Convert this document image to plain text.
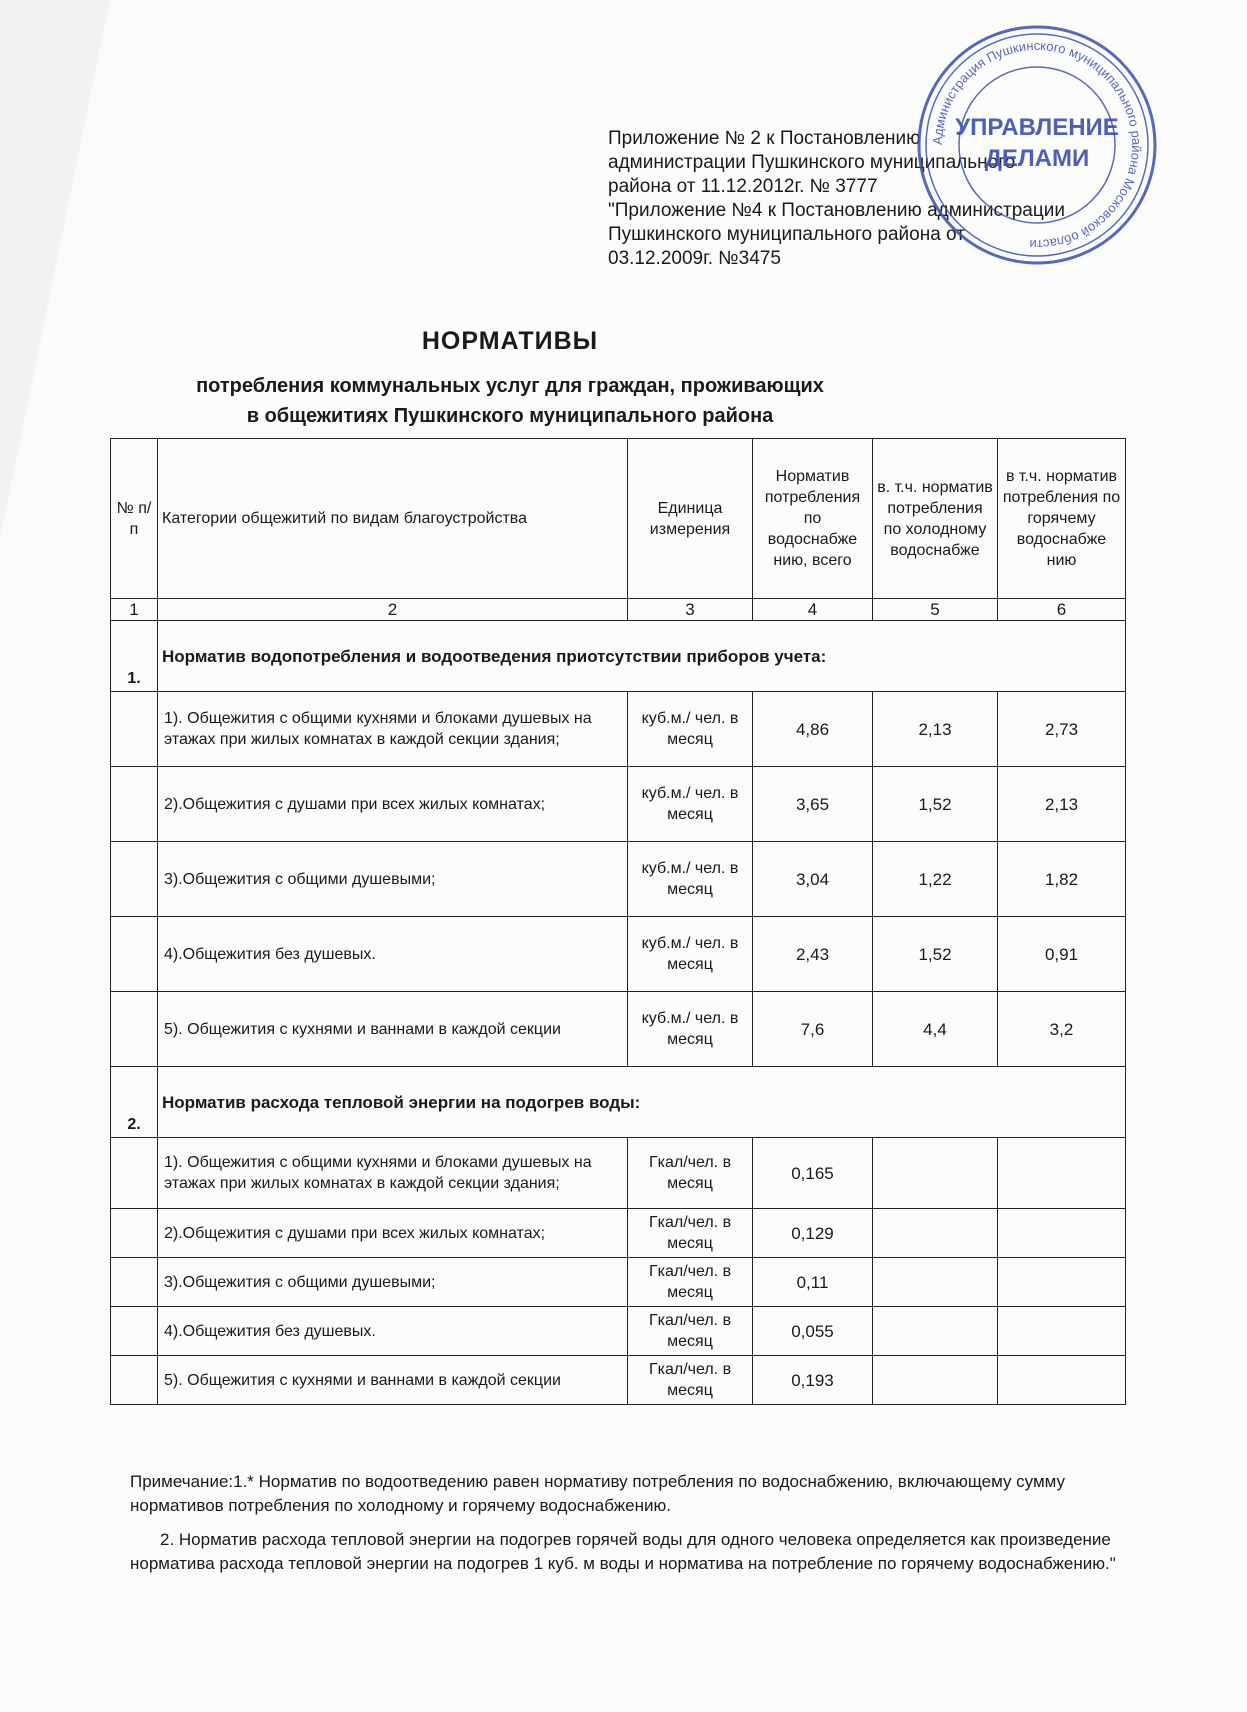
Приложение № 2 к Постановлению
администрации Пушкинского муниципального
района от 11.12.2012г. № 3777
"Приложение №4 к Постановлению администрации
Пушкинского муниципального района от
03.12.2009г. №3475
Администрация Пушкинского муниципального района Московской области
УПРАВЛЕНИЕ
ДЕЛАМИ
НОРМАТИВЫ
потребления коммунальных услуг для граждан, проживающих
в общежитиях Пушкинского муниципального района
№ п/п	Категории общежитий по видам благоустройства	Единица измерения	Норматив потребления по водоснабже нию, всего	в. т.ч. норматив потребления по холодному водоснабже	в т.ч. норматив потребления по горячему водоснабже нию
1	2	3	4	5	6
1.	Норматив водопотребления и водоотведения приотсутствии приборов учета:				
	1). Общежития с общими кухнями и блоками душевых на этажах при жилых комнатах в каждой секции здания;	куб.м./ чел. в месяц	4,86	2,13	2,73
	2).Общежития с душами при всех жилых комнатах;	куб.м./ чел. в месяц	3,65	1,52	2,13
	3).Общежития с общими душевыми;	куб.м./ чел. в месяц	3,04	1,22	1,82
	4).Общежития без душевых.	куб.м./ чел. в месяц	2,43	1,52	0,91
	5). Общежития с кухнями и ваннами в каждой секции	куб.м./ чел. в месяц	7,6	4,4	3,2
2.	Норматив расхода тепловой энергии на подогрев воды:				
	1). Общежития с общими кухнями и блоками душевых на этажах при жилых комнатах в каждой секции здания;	Гкал/чел. в месяц	0,165		
	2).Общежития с душами при всех жилых комнатах;	Гкал/чел. в месяц	0,129		
	3).Общежития с общими душевыми;	Гкал/чел. в месяц	0,11		
	4).Общежития без душевых.	Гкал/чел. в месяц	0,055		
	5). Общежития с кухнями и ваннами в каждой секции	Гкал/чел. в месяц	0,193		

Примечание:1.* Норматив по водоотведению равен нормативу потребления по водоснабжению, включающему сумму нормативов потребления по холодному и горячему водоснабжению.

2. Норматив расхода тепловой энергии на подогрев горячей воды для одного человека определяется как произведение норматива расхода тепловой энергии на подогрев 1 куб. м воды и норматива на потребление по горячему водоснабжению."
